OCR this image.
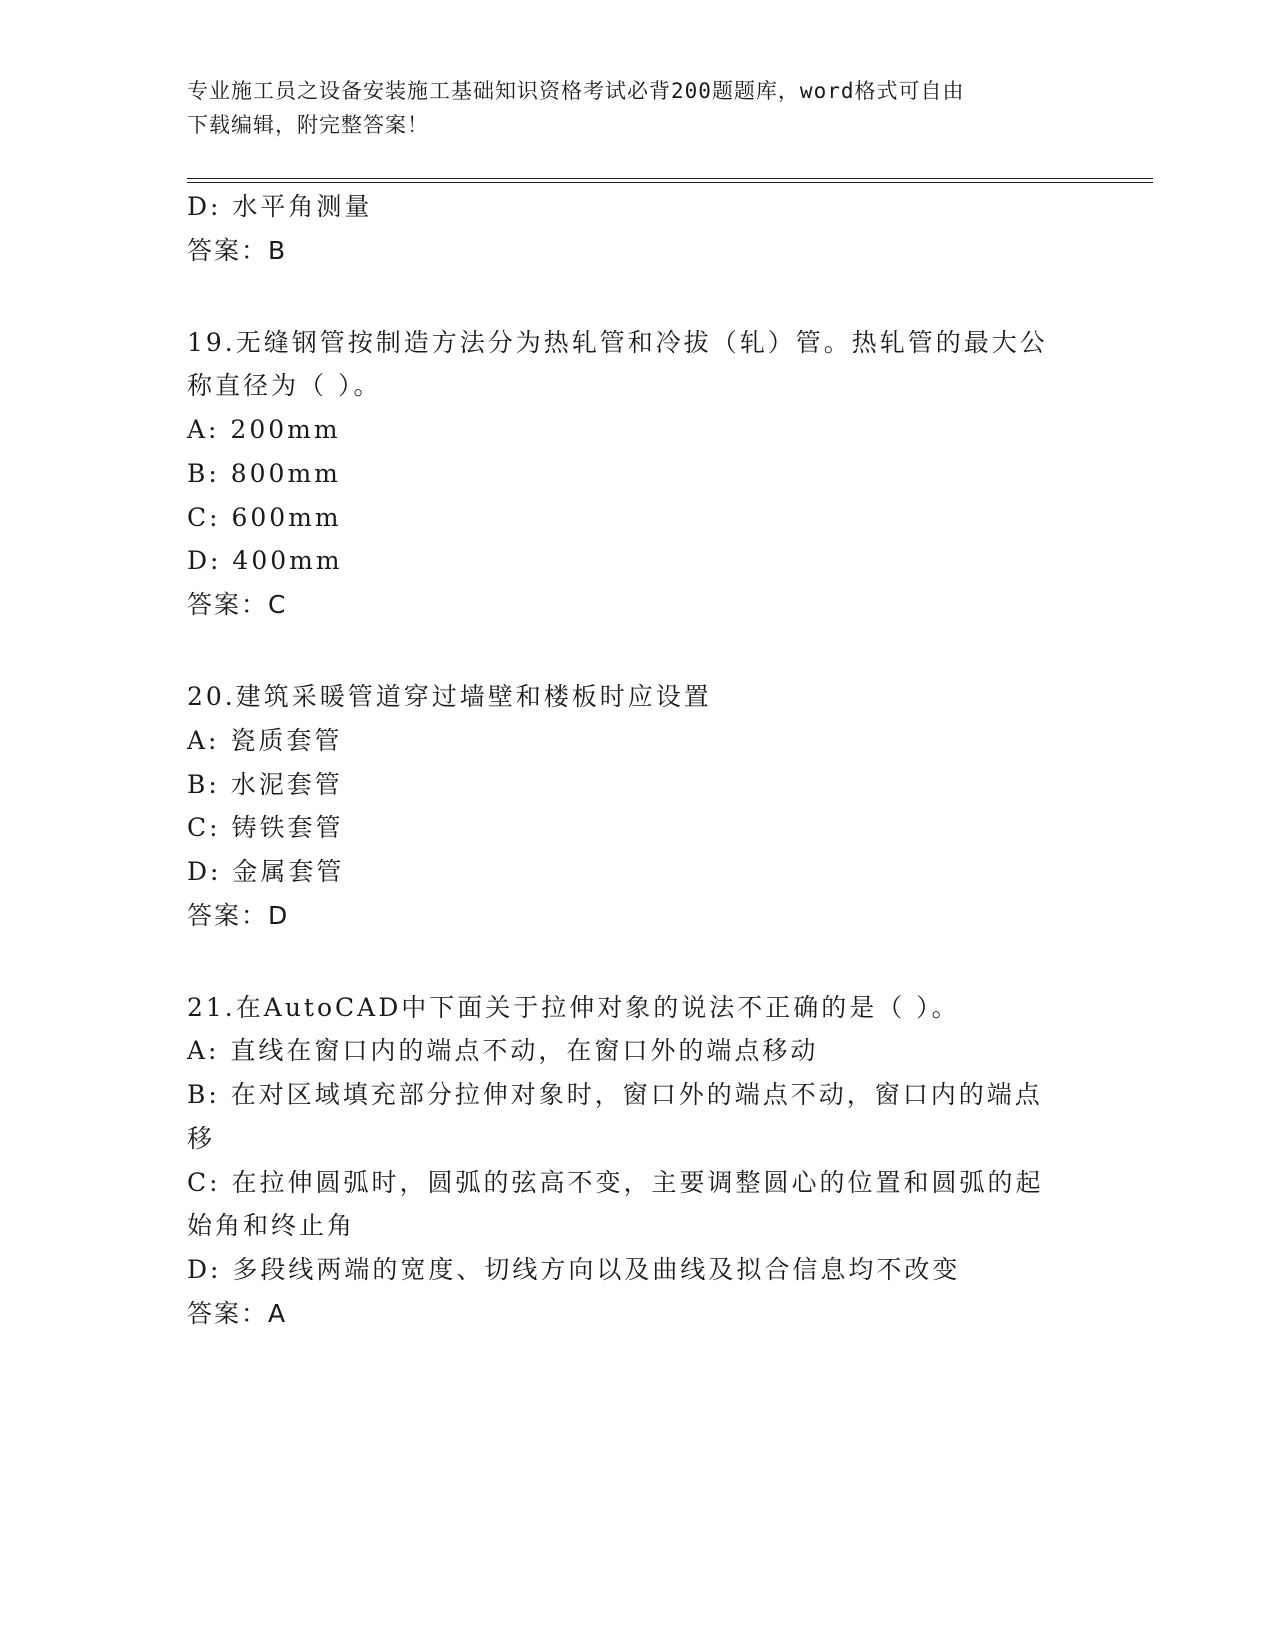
专业施工员之设备安装施工基础知识资格考试必背200题题库，word格式可自由
下载编辑，附完整答案！
D: 水平角测量
答案：B
19.无缝钢管按制造方法分为热轧管和冷拔（轧）管。热轧管的最大公
称直径为（ ）。
A: 200mm
B: 800mm
C: 600mm
D: 400mm
答案：C
20.建筑采暖管道穿过墙壁和楼板时应设置
A: 瓷质套管
B: 水泥套管
C: 铸铁套管
D: 金属套管
答案：D
21.在AutoCAD中下面关于拉伸对象的说法不正确的是（ ）。
A: 直线在窗口内的端点不动，在窗口外的端点移动
B: 在对区域填充部分拉伸对象时，窗口外的端点不动，窗口内的端点
移
C: 在拉伸圆弧时，圆弧的弦高不变，主要调整圆心的位置和圆弧的起
始角和终止角
D: 多段线两端的宽度、切线方向以及曲线及拟合信息均不改变
答案：A
